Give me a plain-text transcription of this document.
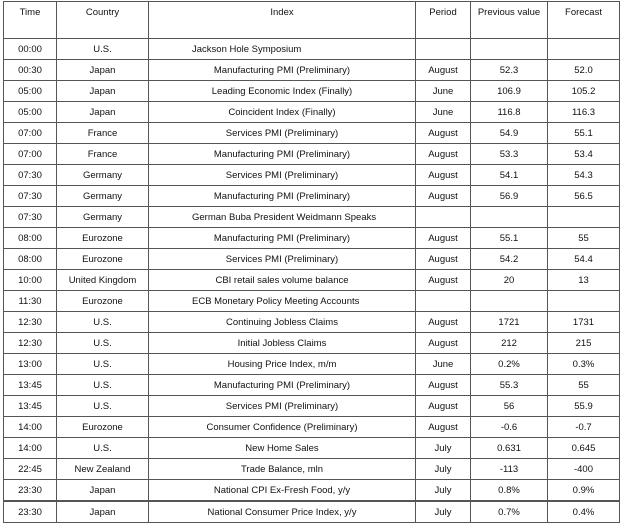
Time	Country	Index	Period	Previous value	Forecast
00:00	U.S.	Jackson Hole Symposium			
00:30	Japan	Manufacturing PMI (Preliminary)	August	52.3	52.0
05:00	Japan	Leading Economic Index (Finally)	June	106.9	105.2
05:00	Japan	Coincident Index (Finally)	June	116.8	116.3
07:00	France	Services PMI (Preliminary)	August	54.9	55.1
07:00	France	Manufacturing PMI (Preliminary)	August	53.3	53.4
07:30	Germany	Services PMI (Preliminary)	August	54.1	54.3
07:30	Germany	Manufacturing PMI (Preliminary)	August	56.9	56.5
07:30	Germany	German Buba President Weidmann Speaks			
08:00	Eurozone	Manufacturing PMI (Preliminary)	August	55.1	55
08:00	Eurozone	Services PMI (Preliminary)	August	54.2	54.4
10:00	United Kingdom	CBI retail sales volume balance	August	20	13
11:30	Eurozone	ECB Monetary Policy Meeting Accounts			
12:30	U.S.	Continuing Jobless Claims	August	1721	1731
12:30	U.S.	Initial Jobless Claims	August	212	215
13:00	U.S.	Housing Price Index, m/m	June	0.2%	0.3%
13:45	U.S.	Manufacturing PMI (Preliminary)	August	55.3	55
13:45	U.S.	Services PMI (Preliminary)	August	56	55.9
14:00	Eurozone	Consumer Confidence (Preliminary)	August	-0.6	-0.7
14:00	U.S.	New Home Sales	July	0.631	0.645
22:45	New Zealand	Trade Balance, mln	July	-113	-400
23:30	Japan	National CPI Ex-Fresh Food, y/y	July	0.8%	0.9%
23:30	Japan	National Consumer Price Index, y/y	July	0.7%	0.4%
